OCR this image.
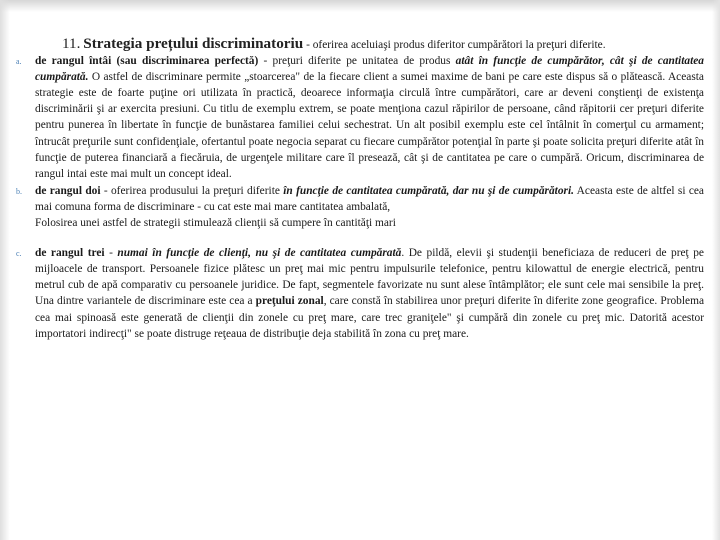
11. Strategia prețului discriminatoriu - oferirea aceluiaşi produs diferitor cumpărători la preţuri diferite.

a. de rangul întâi (sau discriminarea perfectă) - preţuri diferite pe unitatea de produs atât în funcţie de cumpărător, cât şi de cantitatea cumpărată. O astfel de discriminare permite „stoarcerea" de la fiecare client a sumei maxime de bani pe care este dispus să o plătească. Aceasta strategie este de foarte puţine ori utilizata în practică, deoarece informaţia circulă între cumpărători, care ar deveni conştienţi de existenţa discriminării şi ar exercita presiuni. Cu titlu de exemplu extrem, se poate menţiona cazul răpirilor de persoane, când răpitorii cer preţuri diferite pentru punerea în libertate în funcţie de bunăstarea familiei celui sechestrat. Un alt posibil exemplu este cel întâlnit în comerţul cu armament; întrucât preţurile sunt confidenţiale, ofertantul poate negocia separat cu fiecare cumpărător potenţial în parte şi poate solicita preţuri diferite atât în funcţie de puterea financiară a fiecăruia, de urgenţele militare care îl presează, cât şi de cantitatea pe care o cumpără. Oricum, discriminarea de rangul intai este mai mult un concept ideal.

b. de rangul doi - oferirea produsului la preţuri diferite în funcţie de cantitatea cumpărată, dar nu şi de cumpărători. Aceasta este de altfel si cea mai comuna forma de discriminare - cu cat este mai mare cantitatea ambalată,
Folosirea unei astfel de strategii stimulează clienţii să cumpere în cantităţi mari

c. de rangul trei - numai în funcţie de clienţi, nu şi de cantitatea cumpărată. De pildă, elevii şi studenţii beneficiaza de reduceri de preţ pe mijloacele de transport. Persoanele fizice plătesc un preţ mai mic pentru impulsurile telefonice, pentru kilowattul de energie electrică, pentru metrul cub de apă comparativ cu persoanele juridice. De fapt, segmentele favorizate nu sunt alese întâmplător; ele sunt cele mai sensibile la preţ. Una dintre variantele de discriminare este cea a preţului zonal, care constă în stabilirea unor preţuri diferite în diferite zone geografice. Problema cea mai spinoasă este generată de clienţii din zonele cu preţ mare, care trec graniţele" şi cumpără din zonele cu preţ mic. Datorită acestor importatori indirecţi" se poate distruge reţeaua de distribuţie deja stabilită în zona cu preţ mare.
